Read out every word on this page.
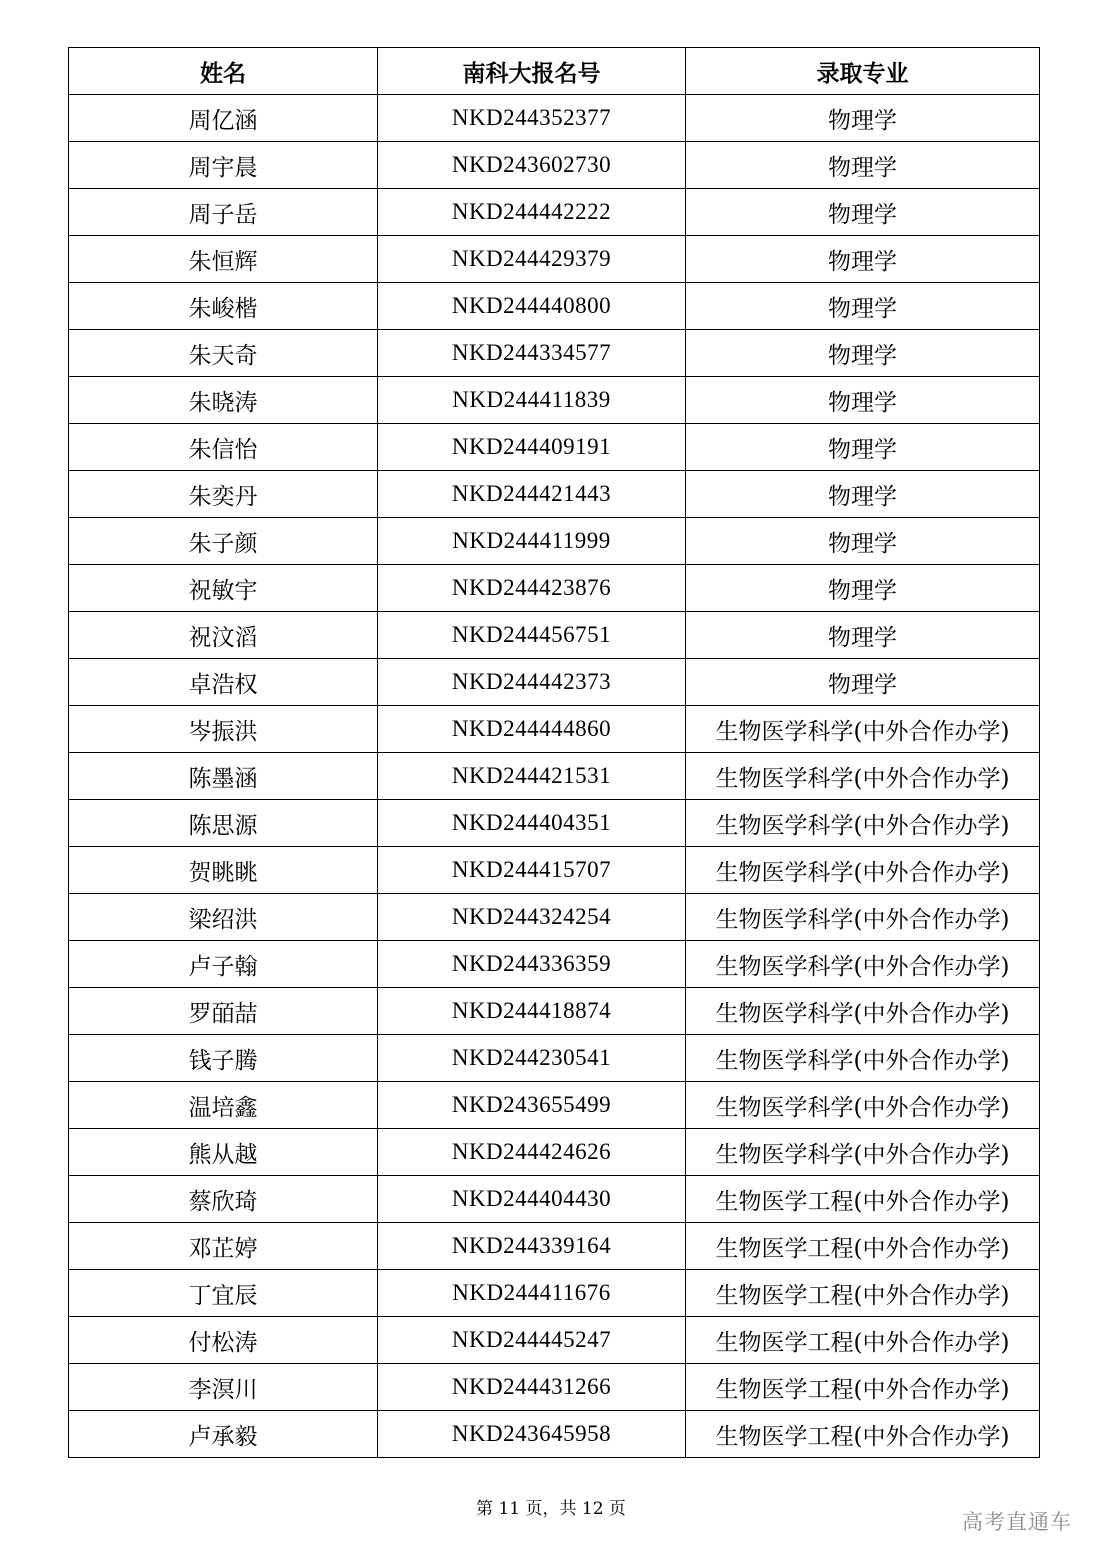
姓名	南科大报名号	录取专业
周亿涵	NKD244352377	物理学
周宇晨	NKD243602730	物理学
周子岳	NKD244442222	物理学
朱恒辉	NKD244429379	物理学
朱峻楷	NKD244440800	物理学
朱天奇	NKD244334577	物理学
朱晓涛	NKD244411839	物理学
朱信怡	NKD244409191	物理学
朱奕丹	NKD244421443	物理学
朱子颜	NKD244411999	物理学
祝敏宇	NKD244423876	物理学
祝汶滔	NKD244456751	物理学
卓浩权	NKD244442373	物理学
岑振洪	NKD244444860	生物医学科学(中外合作办学)
陈墨涵	NKD244421531	生物医学科学(中外合作办学)
陈思源	NKD244404351	生物医学科学(中外合作办学)
贺眺眺	NKD244415707	生物医学科学(中外合作办学)
梁绍洪	NKD244324254	生物医学科学(中外合作办学)
卢子翰	NKD244336359	生物医学科学(中外合作办学)
罗皕喆	NKD244418874	生物医学科学(中外合作办学)
钱子腾	NKD244230541	生物医学科学(中外合作办学)
温培鑫	NKD243655499	生物医学科学(中外合作办学)
熊从越	NKD244424626	生物医学科学(中外合作办学)
蔡欣琦	NKD244404430	生物医学工程(中外合作办学)
邓芷婷	NKD244339164	生物医学工程(中外合作办学)
丁宜辰	NKD244411676	生物医学工程(中外合作办学)
付松涛	NKD244445247	生物医学工程(中外合作办学)
李溟川	NKD244431266	生物医学工程(中外合作办学)
卢承毅	NKD243645958	生物医学工程(中外合作办学)
第 11 页，共 12 页
高考直通车
